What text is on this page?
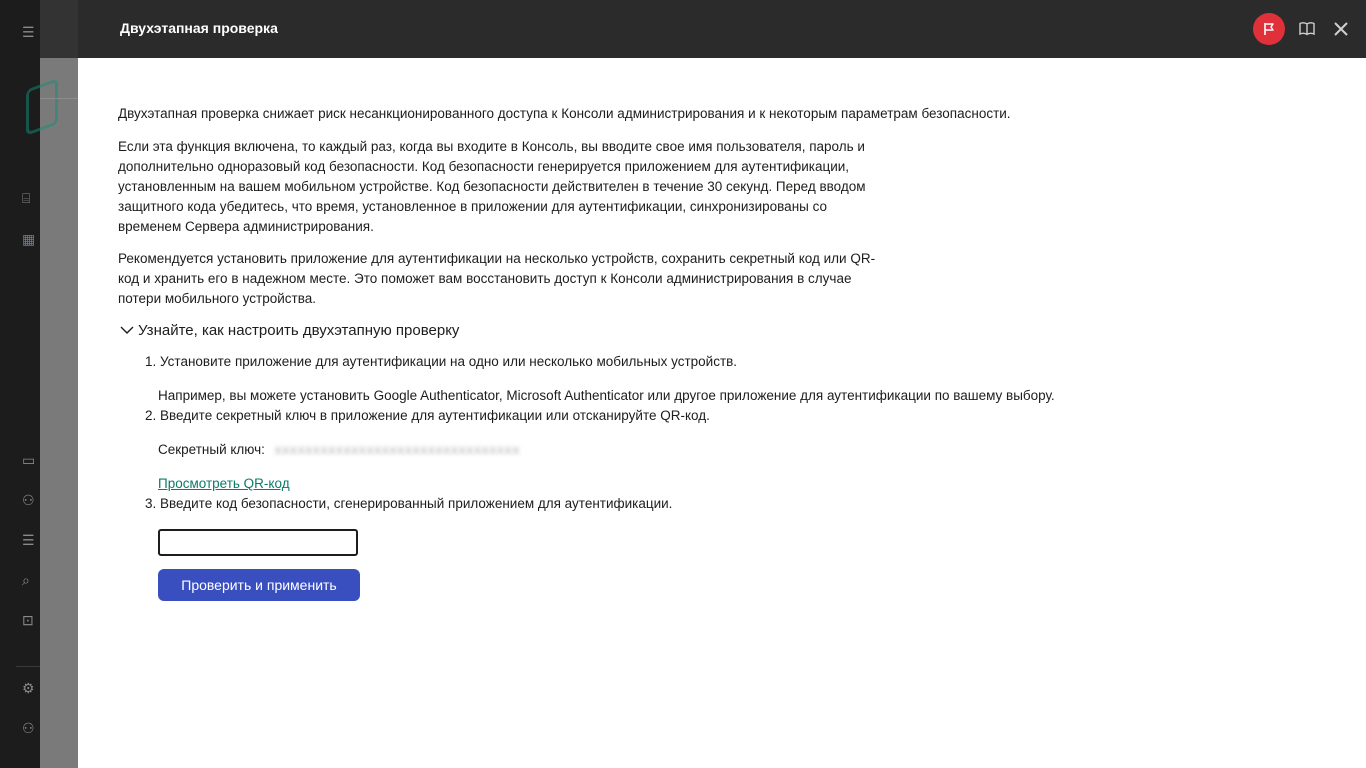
☰
⌸
▦
▭
⚇
☰
⌕
⊡
⚙
⚇
Двухэтапная проверка

Двухэтапная проверка снижает риск несанкционированного доступа к Консоли администрирования и к некоторым параметрам безопасности.

Если эта функция включена, то каждый раз, когда вы входите в Консоль, вы вводите свое имя пользователя, пароль и дополнительно одноразовый код безопасности. Код безопасности генерируется приложением для аутентификации, установленным на вашем мобильном устройстве. Код безопасности действителен в течение 30 секунд. Перед вводом защитного кода убедитесь, что время, установленное в приложении для аутентификации, синхронизированы со временем Сервера администрирования.

Рекомендуется установить приложение для аутентификации на несколько устройств, сохранить секретный код или QR-код и хранить его в надежном месте. Это поможет вам восстановить доступ к Консоли администрирования в случае потери мобильного устройства.

Узнайте, как настроить двухэтапную проверку
1. Установите приложение для аутентификации на одно или несколько мобильных устройств.
Например, вы можете установить Google Authenticator, Microsoft Authenticator или другое приложение для аутентификации по вашему выбору.
2. Введите секретный ключ в приложение для аутентификации или отсканируйте QR-код.
Секретный ключ: XXXXXXXXXXXXXXXXXXXXXXXXXXXXXXXX
Просмотреть QR-код
3. Введите код безопасности, сгенерированный приложением для аутентификации.
Проверить и применить
